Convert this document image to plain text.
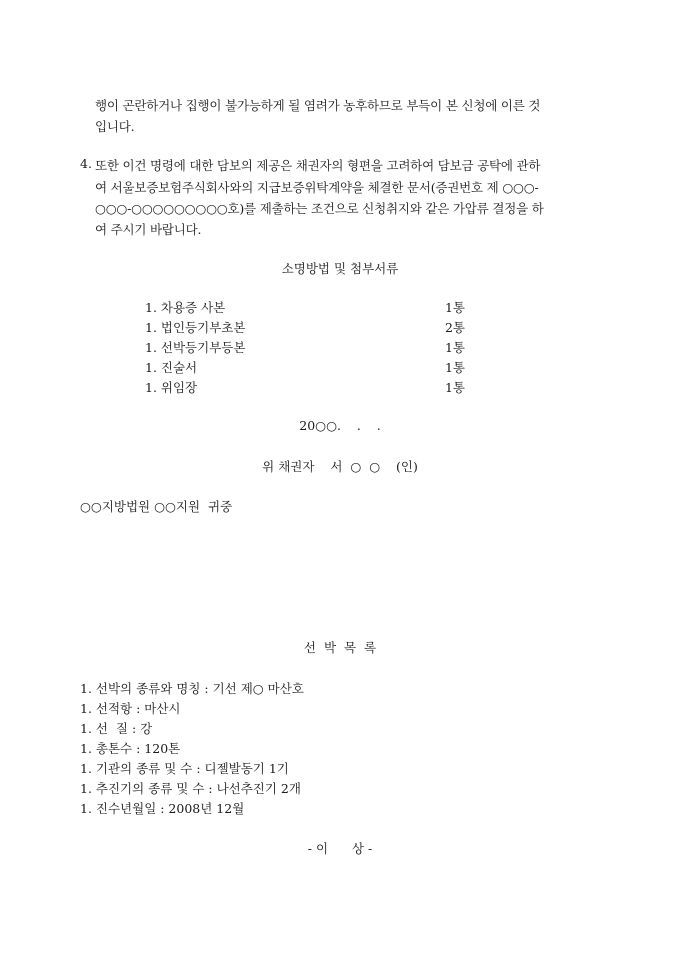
행이 곤란하거나 집행이 불가능하게 될 염려가 농후하므로 부득이 본 신청에 이른 것
입니다.
4. 또한 이건 명령에 대한 담보의 제공은 채권자의 형편을 고려하여 담보금 공탁에 관하
여 서울보증보험주식회사와의 지급보증위탁계약을 체결한 문서(증권번호 제 ○○○-
○○○-○○○○○○○○○호)를 제출하는 조건으로 신청취지와 같은 가압류 결정을 하
여 주시기 바랍니다.
소명방법 및 첨부서류
1. 차용증 사본	1통
1. 법인등기부초본	2통
1. 선박등기부등본	1통
1. 진술서	1통
1. 위임장	1통
20○○.    .    .
위 채권자    서  ○  ○    (인)
○○지방법원 ○○지원  귀중
선  박  목  록
1. 선박의 종류와 명칭 : 기선 제○ 마산호
1. 선적항 : 마산시
1. 선  질 : 강
1. 총톤수 : 120톤
1. 기관의 종류 및 수 : 디젤발동기 1기
1. 추진기의 종류 및 수 : 나선추진기 2개
1. 진수년월일 : 2008년 12월
- 이      상 -
